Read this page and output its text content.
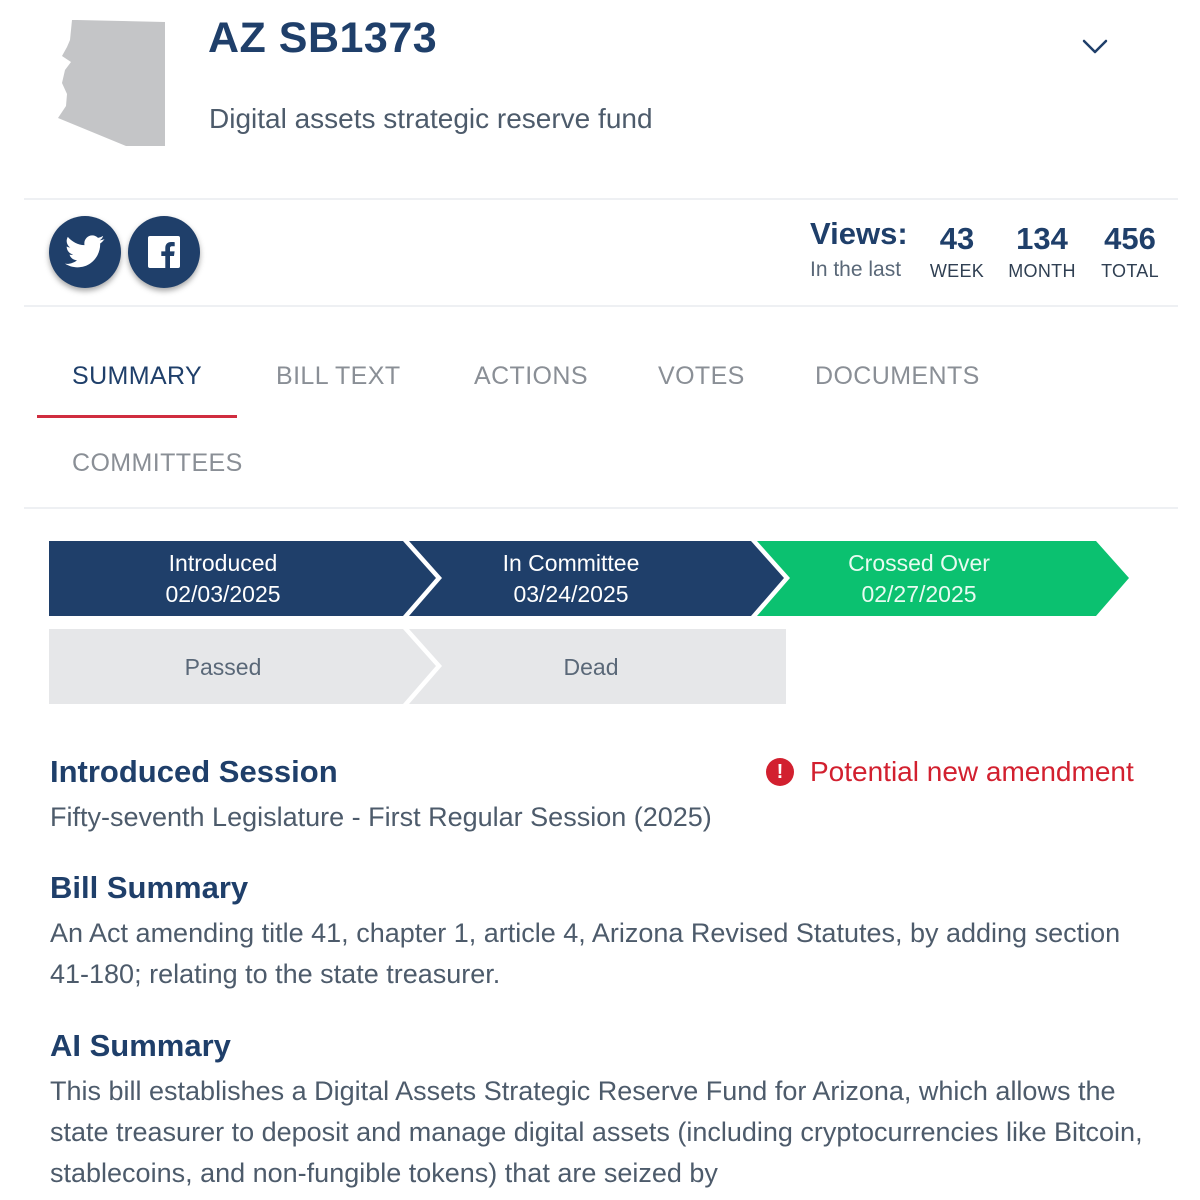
AZ SB1373
Digital assets strategic reserve fund
Views:
In the last
43
WEEK
134
MONTH
456
TOTAL
SUMMARY	BILL TEXT	ACTIONS	VOTES	DOCUMENTS
COMMITTEES
Introduced
02/03/2025
In Committee
03/24/2025
Crossed Over
02/27/2025
Passed	Dead
! Potential new amendment
Introduced Session
Fifty-seventh Legislature - First Regular Session (2025)
Bill Summary
An Act amending title 41, chapter 1, article 4, Arizona Revised Statutes, by adding section 41-180; relating to the state treasurer.
AI Summary
This bill establishes a Digital Assets Strategic Reserve Fund for Arizona, which allows the state treasurer to deposit and manage digital assets (including cryptocurrencies like Bitcoin, stablecoins, and non-fungible tokens) that are seized by
